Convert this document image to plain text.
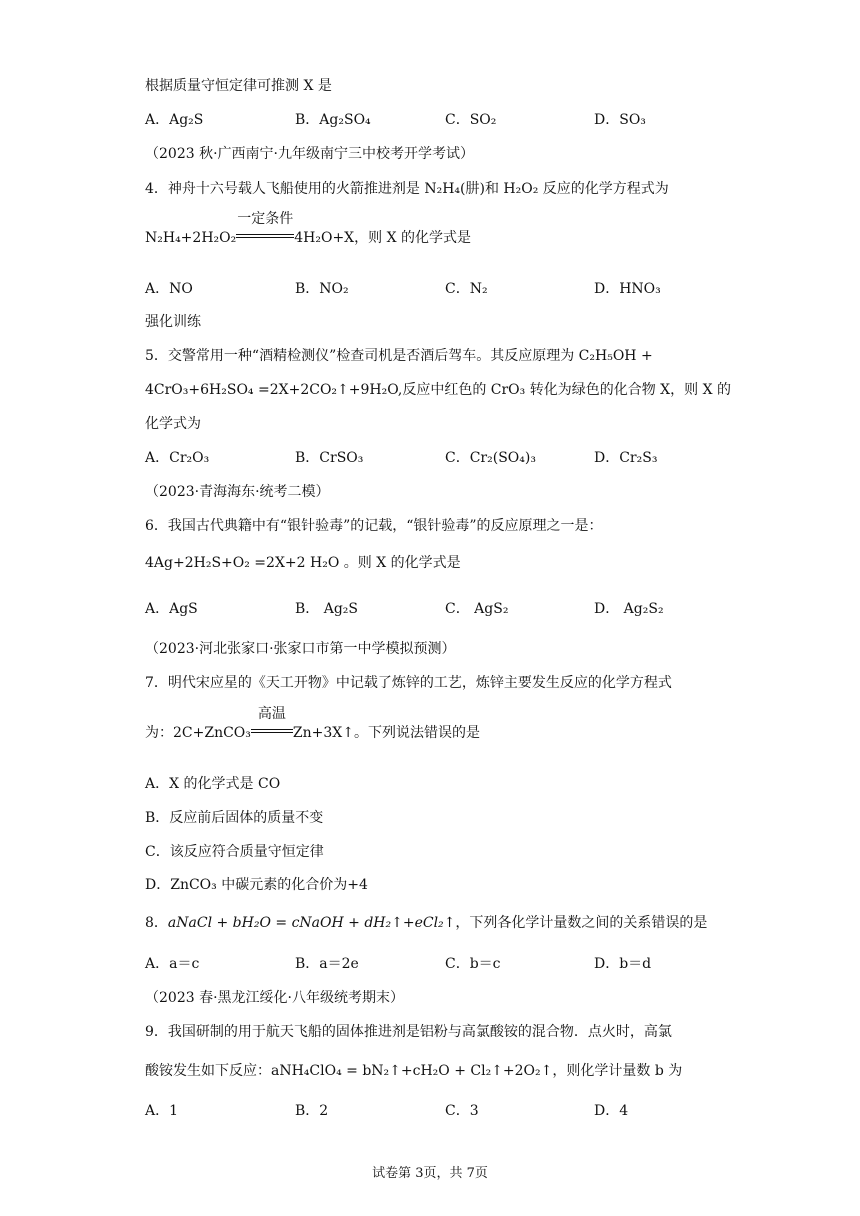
根据质量守恒定律可推测 X 是
A．Ag₂S	B．Ag₂SO₄	C．SO₂	D．SO₃
（2023 秋·广西南宁·九年级南宁三中校考开学考试）
4．神舟十六号载人飞船使用的火箭推进剂是 N₂H₄(肼)和 H₂O₂ 反应的化学方程式为
N₂H₄+2H₂O₂
一定条件
4H₂O+X，则 X 的化学式是
A．NO	B．NO₂	C．N₂	D．HNO₃
强化训练
5．交警常用一种“酒精检测仪”检查司机是否酒后驾车。其反应原理为 C₂H₅OH +
4CrO₃+6H₂SO₄ =2X+2CO₂↑+9H₂O,反应中红色的 CrO₃ 转化为绿色的化合物 X，则 X 的
化学式为
A．Cr₂O₃	B．CrSO₃	C．Cr₂(SO₄)₃	D．Cr₂S₃
（2023·青海海东·统考二模）
6．我国古代典籍中有“银针验毒”的记载，“银针验毒”的反应原理之一是：
4Ag+2H₂S+O₂ =2X+2 H₂O 。则 X 的化学式是
A．AgS	B． Ag₂S	C． AgS₂	D． Ag₂S₂
（2023·河北张家口·张家口市第一中学模拟预测）
7．明代宋应星的《天工开物》中记载了炼锌的工艺，炼锌主要发生反应的化学方程式
为：2C+ZnCO₃
高温
Zn+3X↑。下列说法错误的是
A．X 的化学式是 CO
B．反应前后固体的质量不变
C．该反应符合质量守恒定律
D．ZnCO₃ 中碳元素的化合价为+4
8．aNaCl + bH₂O = cNaOH + dH₂↑+eCl₂↑，下列各化学计量数之间的关系错误的是
A．a＝c	B．a＝2e	C．b＝c	D．b＝d
（2023 春·黑龙江绥化·八年级统考期末）
9．我国研制的用于航天飞船的固体推进剂是铝粉与高氯酸铵的混合物．点火时，高氯
酸铵发生如下反应：aNH₄ClO₄ = bN₂↑+cH₂O + Cl₂↑+2O₂↑，则化学计量数 b 为
A．1	B．2	C．3	D．4
试卷第 3页，共 7页
